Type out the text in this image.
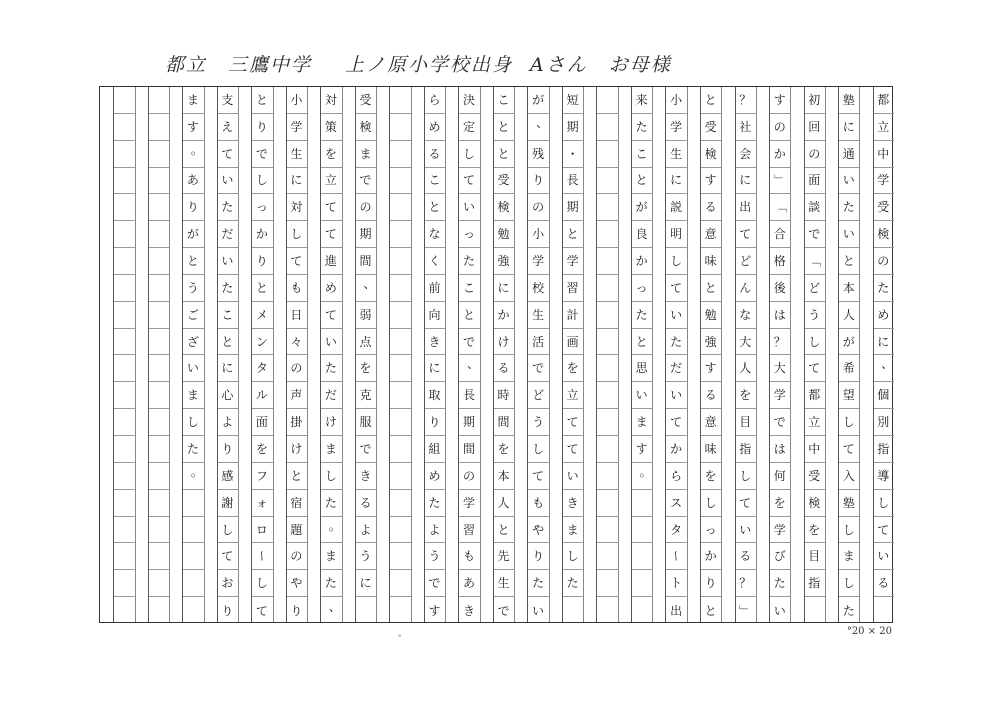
都立　三鷹中学 上ノ原小学校出身 Aさん　お母様
都
立
中
学
受
検
の
た
め
に
、
個
別
指
導
し
て
い
る
塾
に
通
い
た
い
と
本
人
が
希
望
し
て
入
塾
し
ま
し
た
初
回
の
面
談
で
「
ど
う
し
て
都
立
中
受
検
を
目
指
す
の
か
」
「
合
格
後
は
？
大
学
で
は
何
を
学
び
た
い
？
社
会
に
出
て
ど
ん
な
大
人
を
目
指
し
て
い
る
？
」
と
受
検
す
る
意
味
と
勉
強
す
る
意
味
を
し
っ
か
り
と
小
学
生
に
説
明
し
て
い
た
だ
い
て
か
ら
ス
タ
ー
ト
出
来
た
こ
と
が
良
か
っ
た
と
思
い
ま
す
。
短
期
・
長
期
と
学
習
計
画
を
立
て
て
い
き
ま
し
た
が
、
残
り
の
小
学
校
生
活
で
ど
う
し
て
も
や
り
た
い
こ
と
と
受
検
勉
強
に
か
け
る
時
間
を
本
人
と
先
生
で
決
定
し
て
い
っ
た
こ
と
で
、
長
期
間
の
学
習
も
あ
き
ら
め
る
こ
と
な
く
前
向
き
に
取
り
組
め
た
よ
う
で
す
受
検
ま
で
の
期
間
、
弱
点
を
克
服
で
き
る
よ
う
に
対
策
を
立
て
て
進
め
て
い
た
だ
け
ま
し
た
。
ま
た
、
小
学
生
に
対
し
て
も
日
々
の
声
掛
け
と
宿
題
の
や
り
と
り
で
し
っ
か
り
と
メ
ン
タ
ル
面
を
フ
ォ
ロ
ー
し
て
支
え
て
い
た
だ
い
た
こ
と
に
心
よ
り
感
謝
し
て
お
り
ま
す
。
あ
り
が
と
う
ご
ざ
い
ま
し
た
。
。	°20 × 20
